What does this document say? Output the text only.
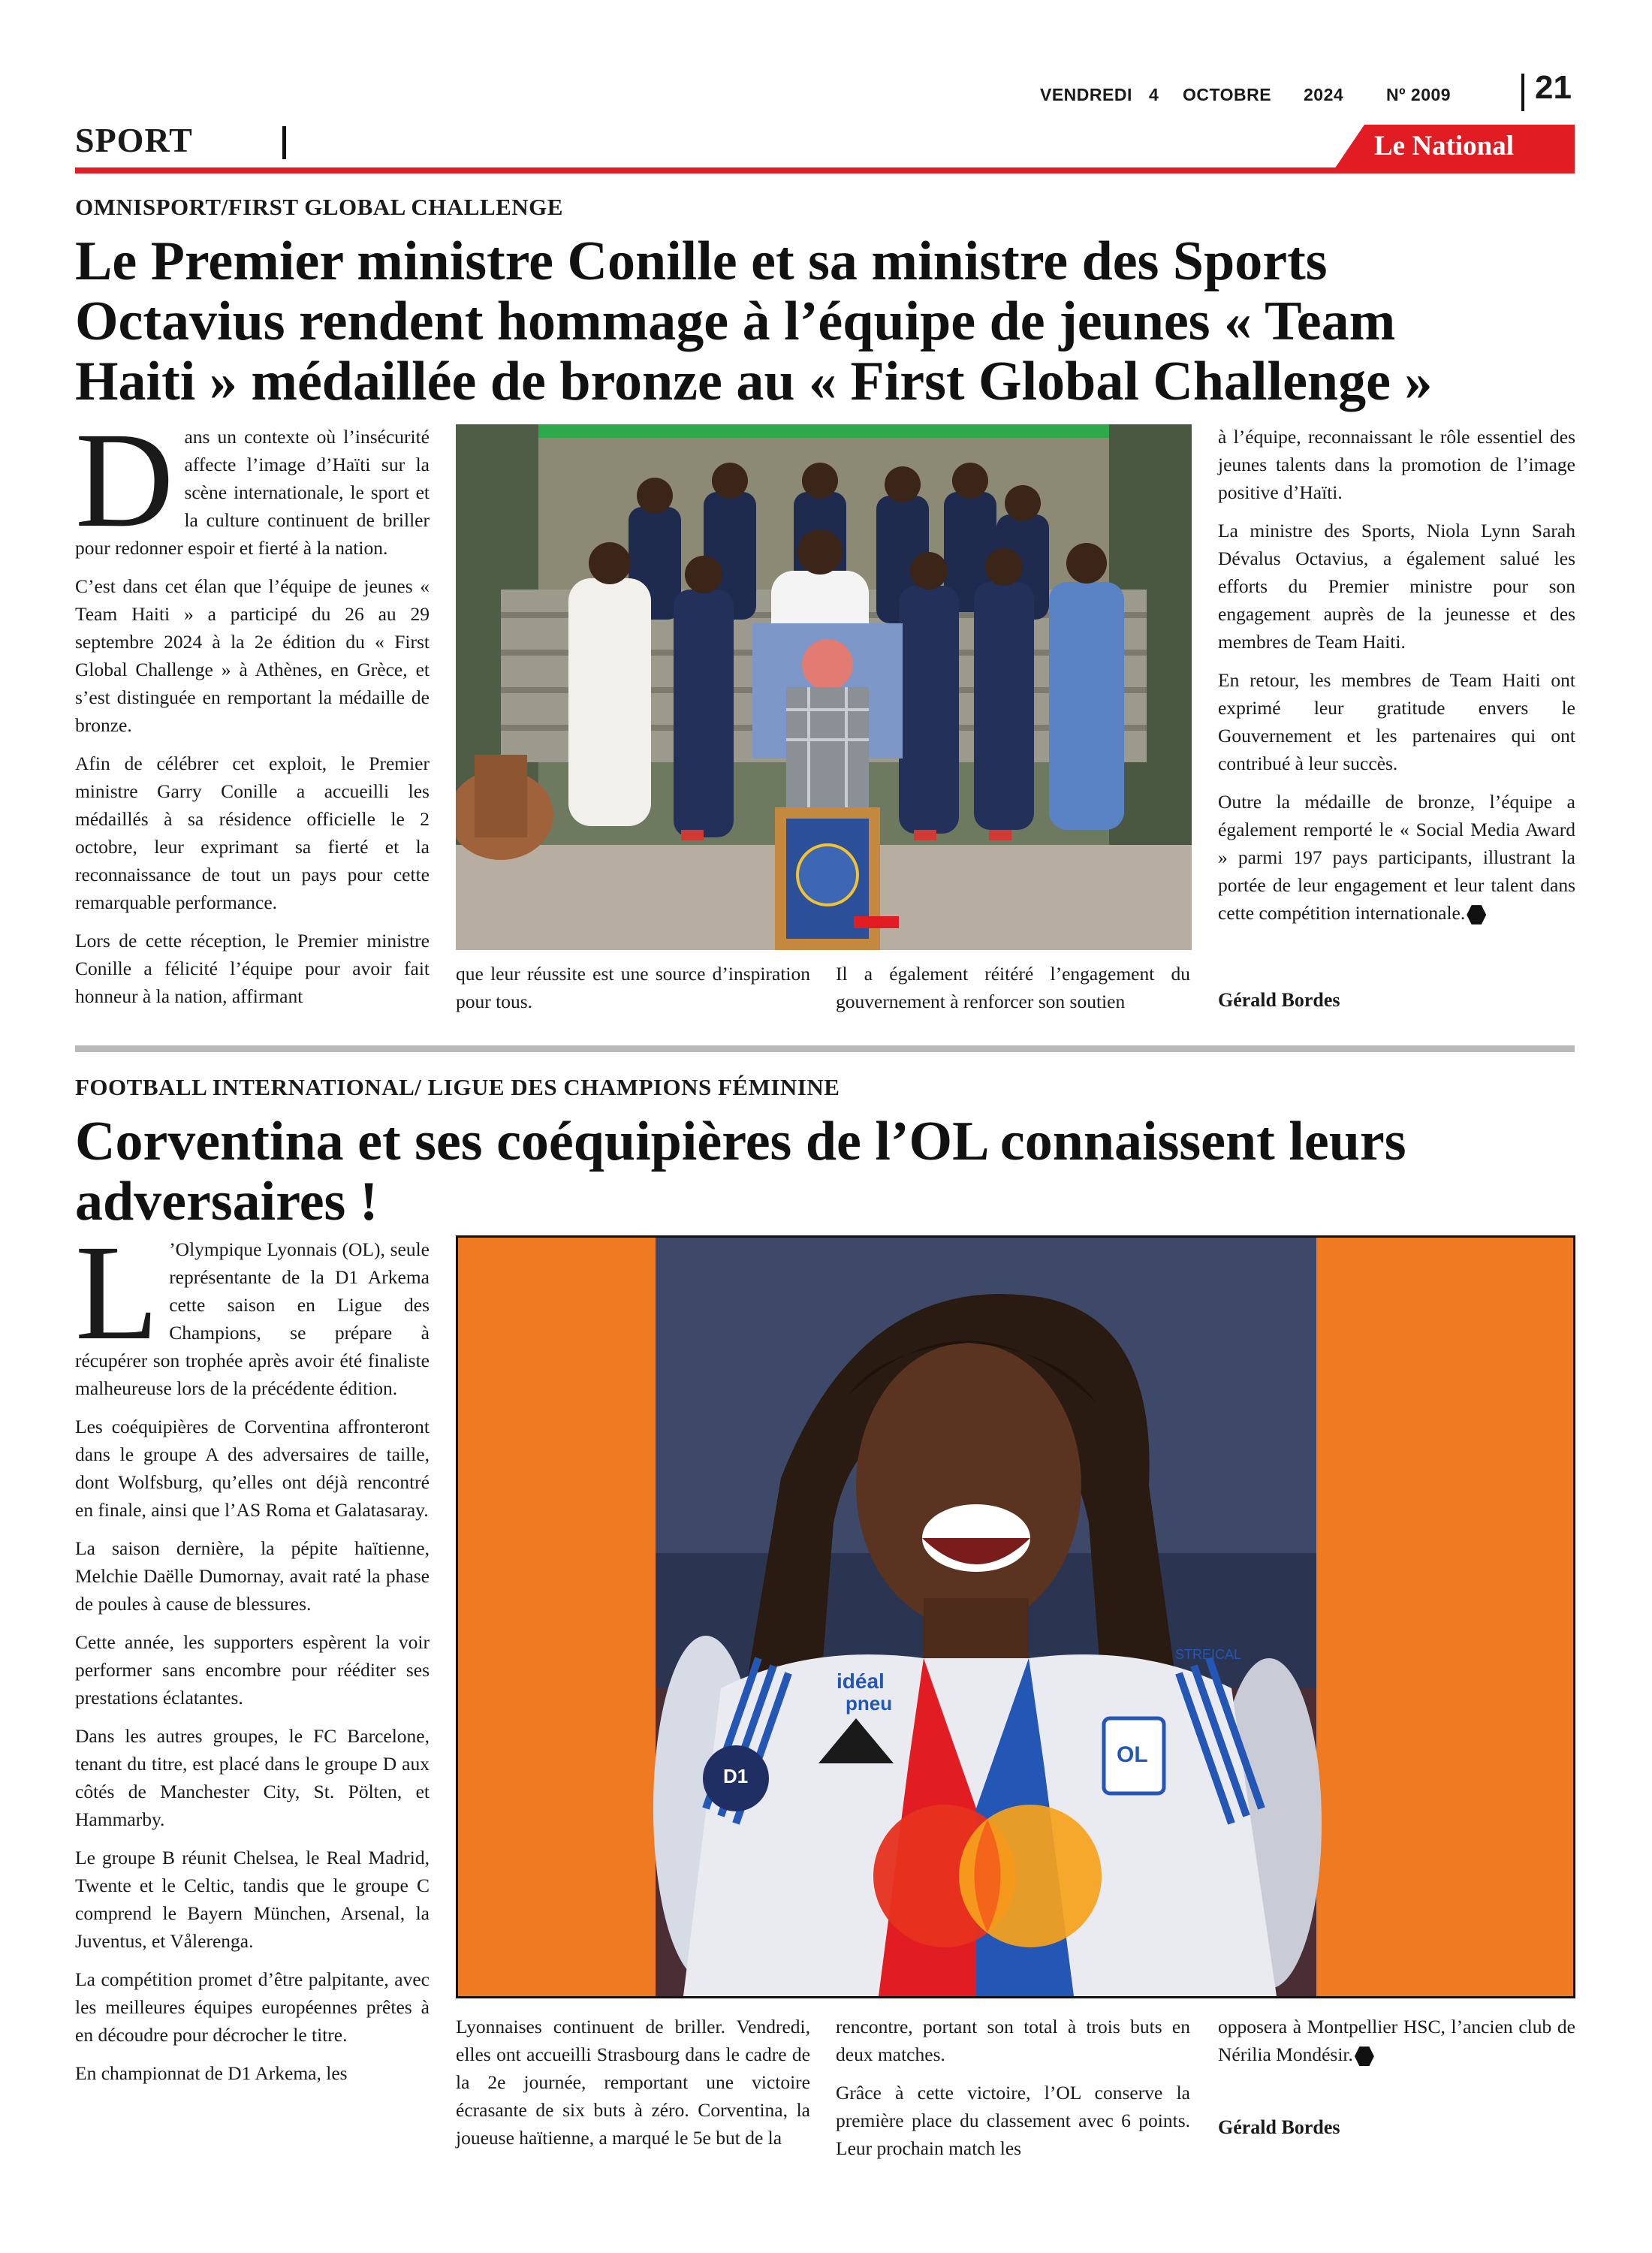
VENDREDI 4 OCTOBRE 2024 Nº 2009	21
SPORT	Le National
OMNISPORT/FIRST GLOBAL CHALLENGE
Le Premier ministre Conille et sa ministre des Sports
Octavius rendent hommage à l’équipe de jeunes « Team
Haiti » médaillée de bronze au « First Global Challenge »
D ans un contexte où l’insécurité affecte l’image d’Haïti sur la scène internationale, le sport et la culture continuent de briller pour redonner espoir et fierté à la nation.

C’est dans cet élan que l’équipe de jeunes « Team Haiti » a participé du 26 au 29 septembre 2024 à la 2e édition du « First Global Challenge » à Athènes, en Grèce, et s’est distinguée en remportant la médaille de bronze.

Afin de célébrer cet exploit, le Premier ministre Garry Conille a accueilli les médaillés à sa résidence officielle le 2 octobre, leur exprimant sa fierté et la reconnaissance de tout un pays pour cette remarquable performance.

Lors de cette réception, le Premier ministre Conille a félicité l’équipe pour avoir fait honneur à la nation, affirmant

que leur réussite est une source d’inspiration pour tous.

Il a également réitéré l’engagement du gouvernement à renforcer son soutien

à l’équipe, reconnaissant le rôle essentiel des jeunes talents dans la promotion de l’image positive d’Haïti.

La ministre des Sports, Niola Lynn Sarah Dévalus Octavius, a également salué les efforts du Premier ministre pour son engagement auprès de la jeunesse et des membres de Team Haiti.

En retour, les membres de Team Haiti ont exprimé leur gratitude envers le Gouvernement et les partenaires qui ont contribué à leur succès.

Outre la médaille de bronze, l’équipe a également remporté le « Social Media Award » parmi 197 pays participants, illustrant la portée de leur engagement et leur talent dans cette compétition internationale.

Gérald Bordes
FOOTBALL INTERNATIONAL/ LIGUE DES CHAMPIONS FÉMININE
Corventina et ses coéquipières de l’OL connaissent leurs
adversaires !
L ’Olympique Lyonnais (OL), seule représentante de la D1 Arkema cette saison en Ligue des Champions, se prépare à récupérer son trophée après avoir été finaliste malheureuse lors de la précédente édition.

Les coéquipières de Corventina affronteront dans le groupe A des adversaires de taille, dont Wolfsburg, qu’elles ont déjà rencontré en finale, ainsi que l’AS Roma et Galatasaray.

La saison dernière, la pépite haïtienne, Melchie Daëlle Dumornay, avait raté la phase de poules à cause de blessures.

Cette année, les supporters espèrent la voir performer sans encombre pour rééditer ses prestations éclatantes.

Dans les autres groupes, le FC Barcelone, tenant du titre, est placé dans le groupe D aux côtés de Manchester City, St. Pölten, et Hammarby.

Le groupe B réunit Chelsea, le Real Madrid, Twente et le Celtic, tandis que le groupe C comprend le Bayern München, Arsenal, la Juventus, et Vålerenga.

La compétition promet d’être palpitante, avec les meilleures équipes européennes prêtes à en découdre pour décrocher le titre.

En championnat de D1 Arkema, les

idéal
pneu
D1
OL
STREICAL

Lyonnaises continuent de briller. Vendredi, elles ont accueilli Strasbourg dans le cadre de la 2e journée, remportant une victoire écrasante de six buts à zéro. Corventina, la joueuse haïtienne, a marqué le 5e but de la

rencontre, portant son total à trois buts en deux matches.

Grâce à cette victoire, l’OL conserve la première place du classement avec 6 points. Leur prochain match les

opposera à Montpellier HSC, l’ancien club de Nérilia Mondésir.

Gérald Bordes
